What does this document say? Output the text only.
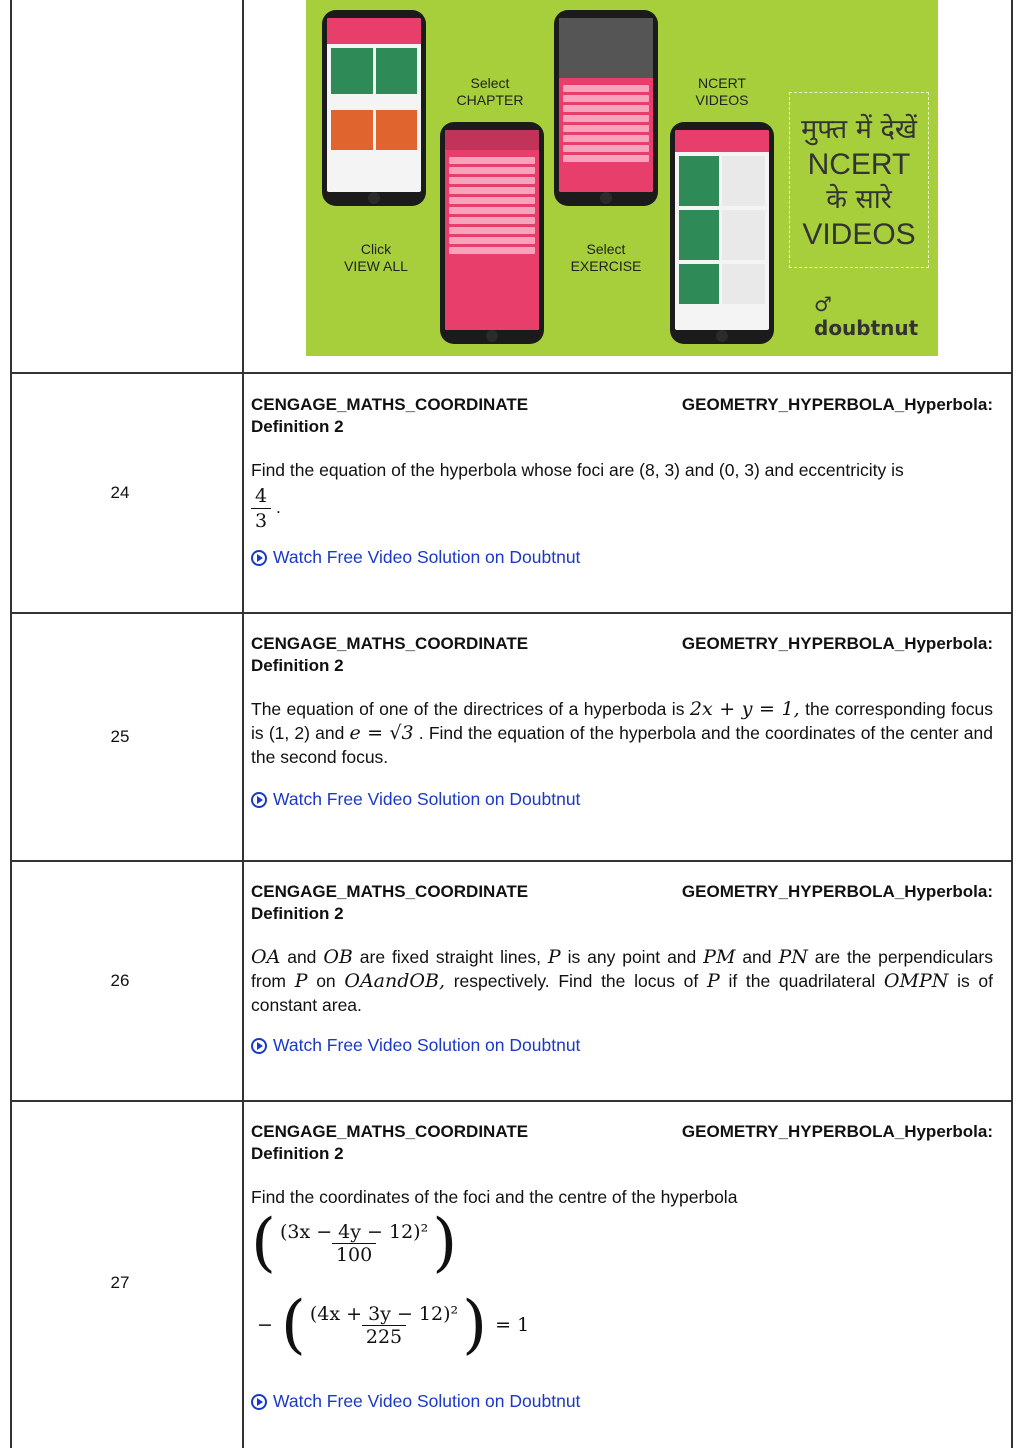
Click
VIEW ALL
Select
CHAPTER
Select
EXERCISE
NCERT
VIDEOS
मुफ्त में देखें
NCERT
के सारे
VIDEOS
♂ doubtnut
24
CENGAGE_MATHS_COORDINATE	GEOMETRY_HYPERBOLA_Hyperbola:
Definition 2
Find the equation of the hyperbola whose foci are (8, 3) and (0, 3) and eccentricity is
$\frac{4}{3}$ .
Watch Free Video Solution on Doubtnut
25
CENGAGE_MATHS_COORDINATE	GEOMETRY_HYPERBOLA_Hyperbola:
Definition 2
The equation of one of the directrices of a hyperboda is 2x + y = 1, the corresponding focus is (1, 2) and e = √3 . Find the equation of the hyperbola and the coordinates of the center and the second focus.
Watch Free Video Solution on Doubtnut
26
CENGAGE_MATHS_COORDINATE	GEOMETRY_HYPERBOLA_Hyperbola:
Definition 2
OA and OB are fixed straight lines, P is any point and PM and PN are the perpendiculars from P on OAandOB, respectively. Find the locus of P if the quadrilateral OMPN is of constant area.
Watch Free Video Solution on Doubtnut
27
CENGAGE_MATHS_COORDINATE	GEOMETRY_HYPERBOLA_Hyperbola:
Definition 2
Find the coordinates of the foci and the centre of the hyperbola
( $\frac{\text{(3x − 4y − 12)²}}{100}$ )
− ( $\frac{\text{(4x + 3y − 12)²}}{225}$ ) = 1
Watch Free Video Solution on Doubtnut
